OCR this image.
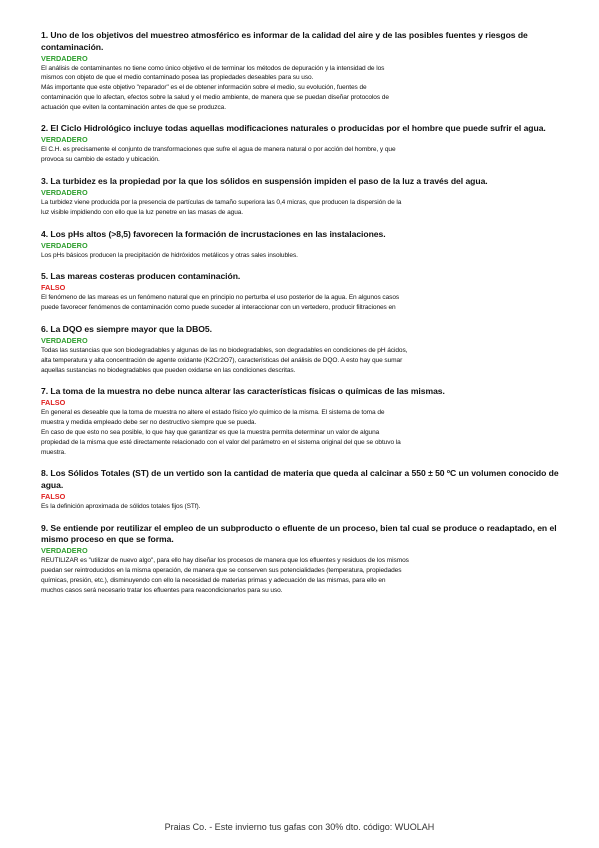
1. Uno de los objetivos del muestreo atmosférico es informar de la calidad del aire y de las posibles fuentes y riesgos de contaminación.
VERDADERO
El análisis de contaminantes no tiene como único objetivo el de terminar los métodos de depuración y la intensidad de los
mismos con objeto de que el medio contaminado posea las propiedades deseables para su uso.
Más importante que este objetivo "reparador" es el de obtener información sobre el medio, su evolución, fuentes de
contaminación que lo afectan, efectos sobre la salud y el medio ambiente, de manera que se puedan diseñar protocolos de
actuación que eviten la contaminación antes de que se produzca.
2. El Ciclo Hidrológico incluye todas aquellas modificaciones naturales o producidas por el hombre que puede sufrir el agua.
VERDADERO
El C.H. es precisamente el conjunto de transformaciones que sufre el agua de manera natural o por acción del hombre, y que
provoca su cambio de estado y ubicación.
3. La turbidez es la propiedad por la que los sólidos en suspensión impiden el paso de la luz a través del agua.
VERDADERO
La turbidez viene producida por la presencia de partículas de tamaño superiora las 0,4 micras, que producen la dispersión de la
luz visible impidiendo con ello que la luz penetre en las masas de agua.
4. Los pHs altos (>8,5) favorecen la formación de incrustaciones en las instalaciones.
VERDADERO
Los pHs básicos producen la precipitación de hidróxidos metálicos y otras sales insolubles.
5. Las mareas costeras producen contaminación.
FALSO
El fenómeno de las mareas es un fenómeno natural que en principio no perturba el uso posterior de la agua. En algunos casos
puede favorecer fenómenos de contaminación como puede suceder al interaccionar con un vertedero, producir filtraciones en
6. La DQO es siempre mayor que la DBO5.
VERDADERO
Todas las sustancias que son biodegradables y algunas de las no biodegradables, son degradables en condiciones de pH ácidos,
alta temperatura y alta concentración de agente oxidante (K2Cr2O7), características del análisis de DQO. A esto hay que sumar
aquellas sustancias no biodegradables que pueden oxidarse en las condiciones descritas.
7. La toma de la muestra no debe nunca alterar las características físicas o químicas de las mismas.
FALSO
En general es deseable que la toma de muestra no altere el estado físico y/o químico de la misma. El sistema de toma de
muestra y medida empleado debe ser no destructivo siempre que se pueda.
En caso de que esto no sea posible, lo que hay que garantizar es que la muestra permita determinar un valor de alguna
propiedad de la misma que esté directamente relacionado con el valor del parámetro en el sistema original del que se obtuvo la
muestra.
8. Los Sólidos Totales (ST) de un vertido son la cantidad de materia que queda al calcinar a 550 ± 50 ºC un volumen conocido de agua.
FALSO
Es la definición aproximada de sólidos totales fijos (STf).
9. Se entiende por reutilizar el empleo de un subproducto o efluente de un proceso, bien tal cual se produce o readaptado, en el mismo proceso en que se forma.
VERDADERO
REUTILIZAR es "utilizar de nuevo algo", para ello hay diseñar los procesos de manera que los efluentes y residuos de los mismos
puedan ser reintroducidos en la misma operación, de manera que se conserven sus potencialidades (temperatura, propiedades
químicas, presión, etc.), disminuyendo con ello la necesidad de materias primas y adecuación de las mismas, para ello en
muchos casos será necesario tratar los efluentes para reacondicionarlos para su uso.
Praias Co. - Este invierno tus gafas con 30% dto. código: WUOLAH
